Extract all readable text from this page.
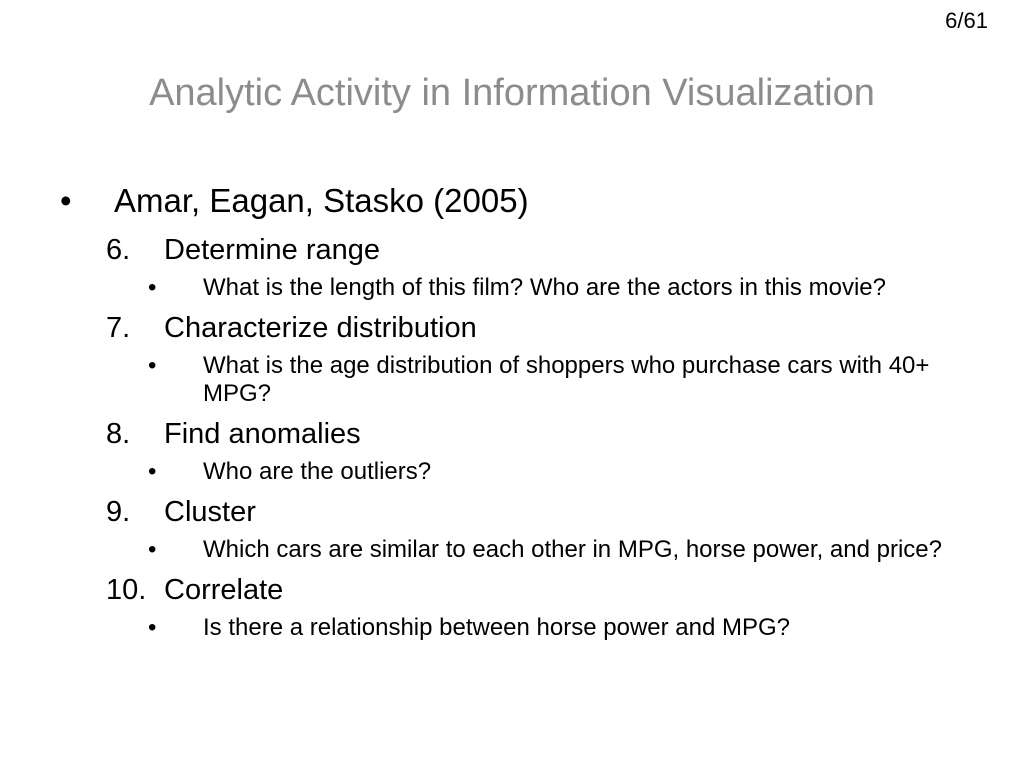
6/61
Analytic Activity in Information Visualization
•	Amar, Eagan, Stasko (2005)
6.	Determine range
•	What is the length of this film? Who are the actors in this movie?
7.	Characterize distribution
•	What is the age distribution of shoppers who purchase cars with 40+ MPG?
8.	Find anomalies
•	Who are the outliers?
9.	Cluster
•	Which cars are similar to each other in MPG, horse power, and price?
10. Correlate
•	Is there a relationship between horse power and MPG?
